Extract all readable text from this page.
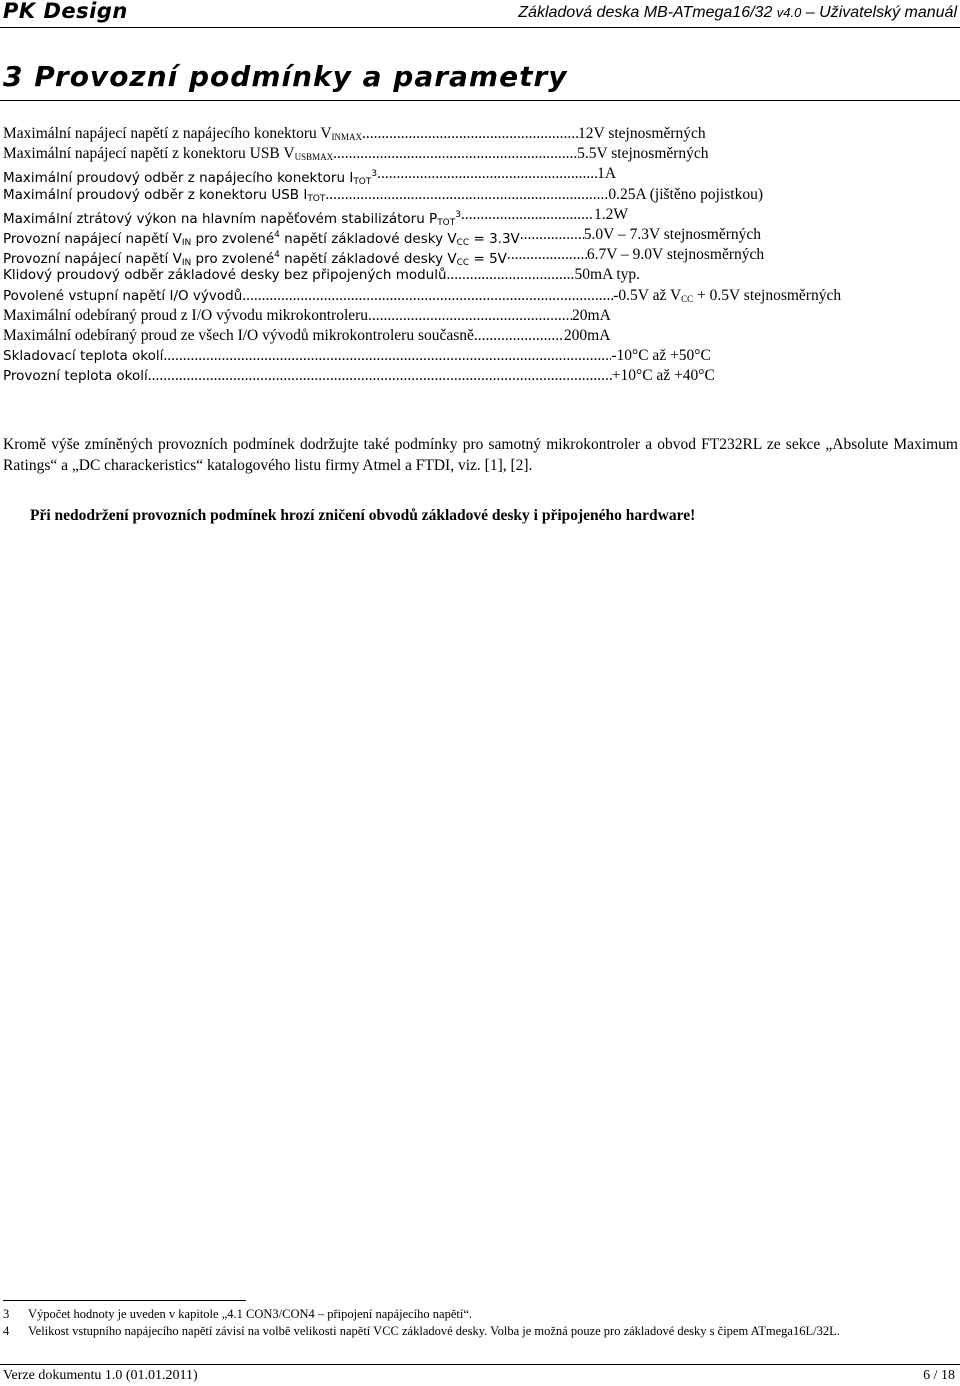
PK Design	Základová deska MB-ATmega16/32 v4.0 – Uživatelský manuál
3 Provozní podmínky a parametry
Maximální napájecí napětí z napájecího konektoru $V_{INMAX}$ .....	12V stejnosměrných
Maximální napájecí napětí z konektoru USB $V_{USBMAX}$ .....	5.5V stejnosměrných
Maximální proudový odběr z napájecího konektoru $I_{TOT}^3$ .....	1A
Maximální proudový odběr z konektoru USB $I_{TOT}$ .....	0.25A (jištěno pojistkou)
Maximální ztrátový výkon na hlavním napěťovém stabilizátoru $P_{TOT}^3$ .....	1.2W
Provozní napájecí napětí $V_{IN}$ pro zvolené$^4$ napětí základové desky $V_{CC} = 3.3V$ .....	5.0V – 7.3V stejnosměrných
Provozní napájecí napětí $V_{IN}$ pro zvolené$^4$ napětí základové desky $V_{CC} = 5V$ .....	6.7V – 9.0V stejnosměrných
Klidový proudový odběr základové desky bez připojených modulů .....	50mA typ.
Povolené vstupní napětí I/O vývodů .....	-0.5V až $V_{CC} + 0.5V$ stejnosměrných
Maximální odebíraný proud z I/O vývodu mikrokontroleru .....	20mA
Maximální odebíraný proud ze všech I/O vývodů mikrokontroleru současně .....	200mA
Skladovací teplota okolí .....	-10°C až +50°C
Provozní teplota okolí .....	+10°C až +40°C
Kromě výše zmíněných provozních podmínek dodržujte také podmínky pro samotný mikrokontroler a obvod FT232RL ze sekce „Absolute Maximum Ratings“ a „DC charackeristics“ katalogového listu firmy Atmel a FTDI, viz. [1], [2].
Při nedodržení provozních podmínek hrozí zničení obvodů základové desky i připojeného hardware!
3	Výpočet hodnoty je uveden v kapitole „4.1 CON3/CON4 – připojení napájecího napětí“.
4	Velikost vstupního napájecího napětí závisí na volbě velikosti napětí VCC základové desky. Volba je možná pouze pro základové desky s čipem ATmega16L/32L.
Verze dokumentu 1.0 (01.01.2011)	6 / 18
